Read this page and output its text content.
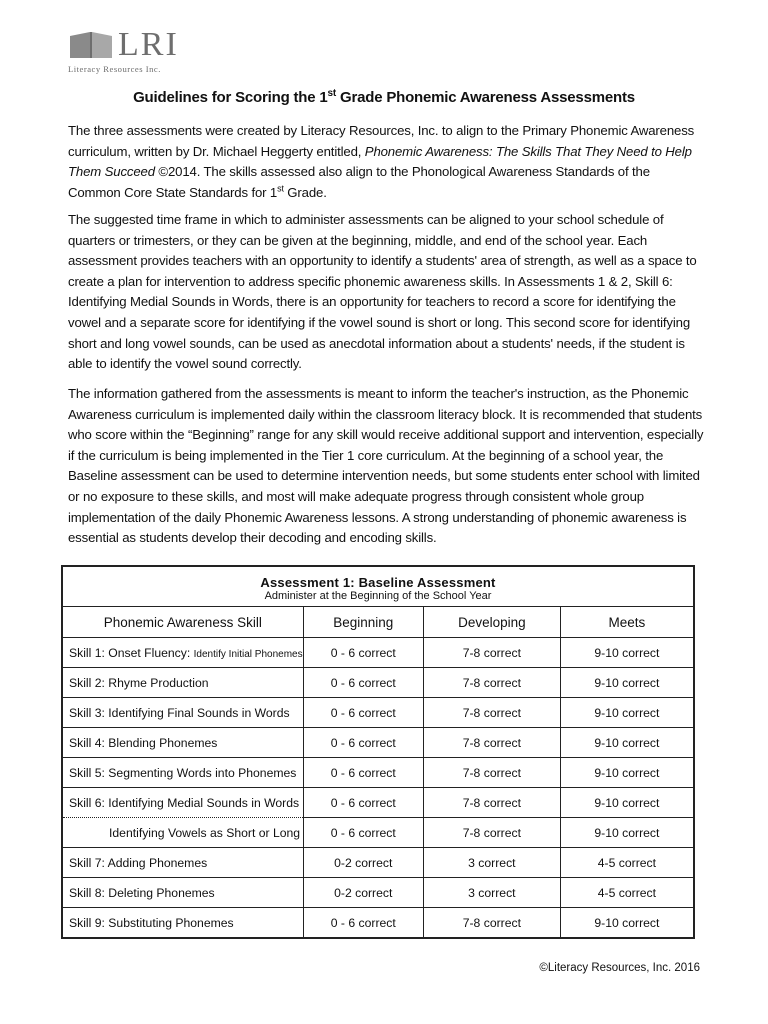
LRI
Literacy Resources Inc.
Guidelines for Scoring the 1st Grade Phonemic Awareness Assessments
The three assessments were created by Literacy Resources, Inc. to align to the Primary Phonemic Awareness curriculum, written by Dr. Michael Heggerty entitled, Phonemic Awareness: The Skills That They Need to Help Them Succeed ©2014. The skills assessed also align to the Phonological Awareness Standards of the Common Core State Standards for 1st Grade.
The suggested time frame in which to administer assessments can be aligned to your school schedule of quarters or trimesters, or they can be given at the beginning, middle, and end of the school year. Each assessment provides teachers with an opportunity to identify a students' area of strength, as well as a space to create a plan for intervention to address specific phonemic awareness skills. In Assessments 1 & 2, Skill 6: Identifying Medial Sounds in Words, there is an opportunity for teachers to record a score for identifying the vowel and a separate score for identifying if the vowel sound is short or long. This second score for identifying short and long vowel sounds, can be used as anecdotal information about a students' needs, if the student is able to identify the vowel sound correctly.
The information gathered from the assessments is meant to inform the teacher's instruction, as the Phonemic Awareness curriculum is implemented daily within the classroom literacy block. It is recommended that students who score within the “Beginning” range for any skill would receive additional support and intervention, especially if the curriculum is being implemented in the Tier 1 core curriculum. At the beginning of a school year, the Baseline assessment can be used to determine intervention needs, but some students enter school with limited or no exposure to these skills, and most will make adequate progress through consistent whole group implementation of the daily Phonemic Awareness lessons. A strong understanding of phonemic awareness is essential as students develop their decoding and encoding skills.
Assessment 1: Baseline Assessment
Administer at the Beginning of the School Year			

Phonemic Awareness Skill	Beginning	Developing	Meets
Skill 1: Onset Fluency: Identify Initial Phonemes	0 - 6 correct	7-8 correct	9-10 correct
Skill 2: Rhyme Production	0 - 6 correct	7-8 correct	9-10 correct
Skill 3: Identifying Final Sounds in Words	0 - 6 correct	7-8 correct	9-10 correct
Skill 4: Blending Phonemes	0 - 6 correct	7-8 correct	9-10 correct
Skill 5: Segmenting Words into Phonemes	0 - 6 correct	7-8 correct	9-10 correct
Skill 6: Identifying Medial Sounds in Words	0 - 6 correct	7-8 correct	9-10 correct
Identifying Vowels as Short or Long	0 - 6 correct	7-8 correct	9-10 correct
Skill 7: Adding Phonemes	0-2 correct	3 correct	4-5 correct
Skill 8: Deleting Phonemes	0-2 correct	3 correct	4-5 correct
Skill 9: Substituting Phonemes	0 - 6 correct	7-8 correct	9-10 correct
©Literacy Resources, Inc. 2016
